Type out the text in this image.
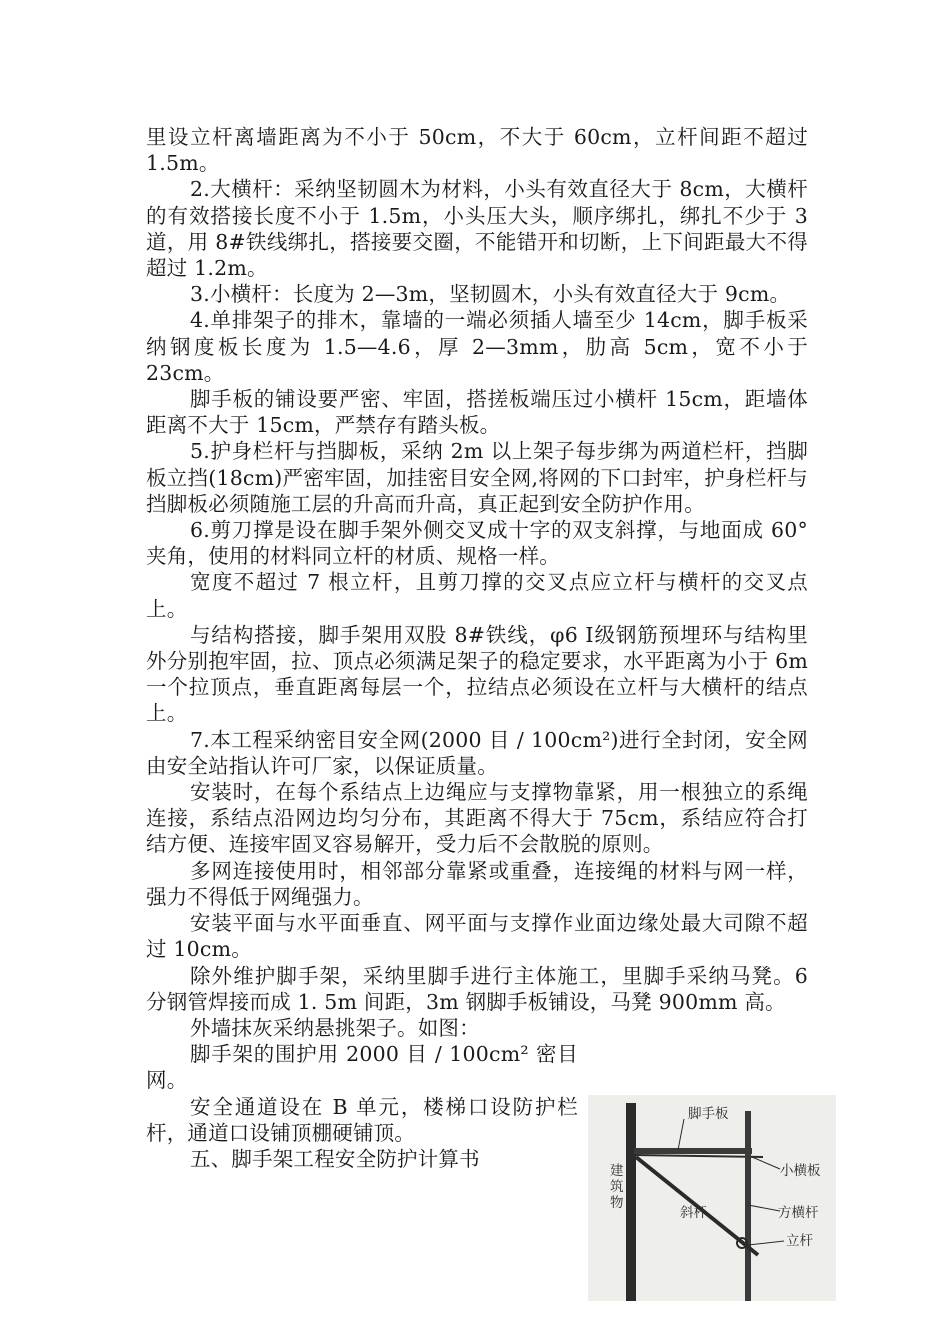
里设立杆离墙距离为不小于 50cm，不大于 60cm，立杆间距不超过 1.5m。

2.大横杆：采纳坚韧圆木为材料，小头有效直径大于 8cm，大横杆的有效搭接长度不小于 1.5m，小头压大头，顺序绑扎，绑扎不少于 3 道，用 8#铁线绑扎，搭接要交圈，不能错开和切断，上下间距最大不得超过 1.2m。

3.小横杆：长度为 2—3m，坚韧圆木，小头有效直径大于 9cm。

4.单排架子的排木，靠墙的一端必须插人墙至少 14cm，脚手板采纳钢度板长度为 1.5—4.6，厚 2—3mm，肋高 5cm，宽不小于 23cm。

脚手板的铺设要严密、牢固，搭搓板端压过小横杆 15cm，距墙体距离不大于 15cm，严禁存有踏头板。

5.护身栏杆与挡脚板，采纳 2m 以上架子每步绑为两道栏杆，挡脚板立挡(18cm)严密牢固，加挂密目安全网,将网的下口封牢，护身栏杆与挡脚板必须随施工层的升高而升高，真正起到安全防护作用。

6.剪刀撑是设在脚手架外侧交叉成十字的双支斜撑，与地面成 60° 夹角，使用的材料同立杆的材质、规格一样。

宽度不超过 7 根立杆，且剪刀撑的交叉点应立杆与横杆的交叉点上。

与结构搭接，脚手架用双股 8#铁线，φ6 Ⅰ级钢筋预埋环与结构里外分别抱牢固，拉、顶点必须满足架子的稳定要求，水平距离为小于 6m 一个拉顶点，垂直距离每层一个，拉结点必须设在立杆与大横杆的结点上。

7.本工程采纳密目安全网(2000 目 / 100cm²)进行全封闭，安全网由安全站指认许可厂家，以保证质量。

安装时，在每个系结点上边绳应与支撑物靠紧，用一根独立的系绳连接，系结点沿网边均匀分布，其距离不得大于 75cm，系结应符合打结方便、连接牢固叉容易解开，受力后不会散脱的原则。

多网连接使用时，相邻部分靠紧或重叠，连接绳的材料与网一样，强力不得低于网绳强力。

安装平面与水平面垂直、网平面与支撑作业面边缘处最大司隙不超过 10cm。

除外维护脚手架，采纳里脚手进行主体施工，里脚手采纳马凳。6 分钢管焊接而成 1. 5m 间距，3m 钢脚手板铺设，马凳 900mm 高。

外墙抹灰采纳悬挑架子。如图：

脚手架的围护用 2000 目 / 100cm² 密目网。

安全通道设在 B 单元，楼梯口设防护栏杆，通道口设铺顶棚硬铺顶。

五、脚手架工程安全防护计算书

脚手板
建
筑
物
小横板
斜杆	方横杆
立杆
